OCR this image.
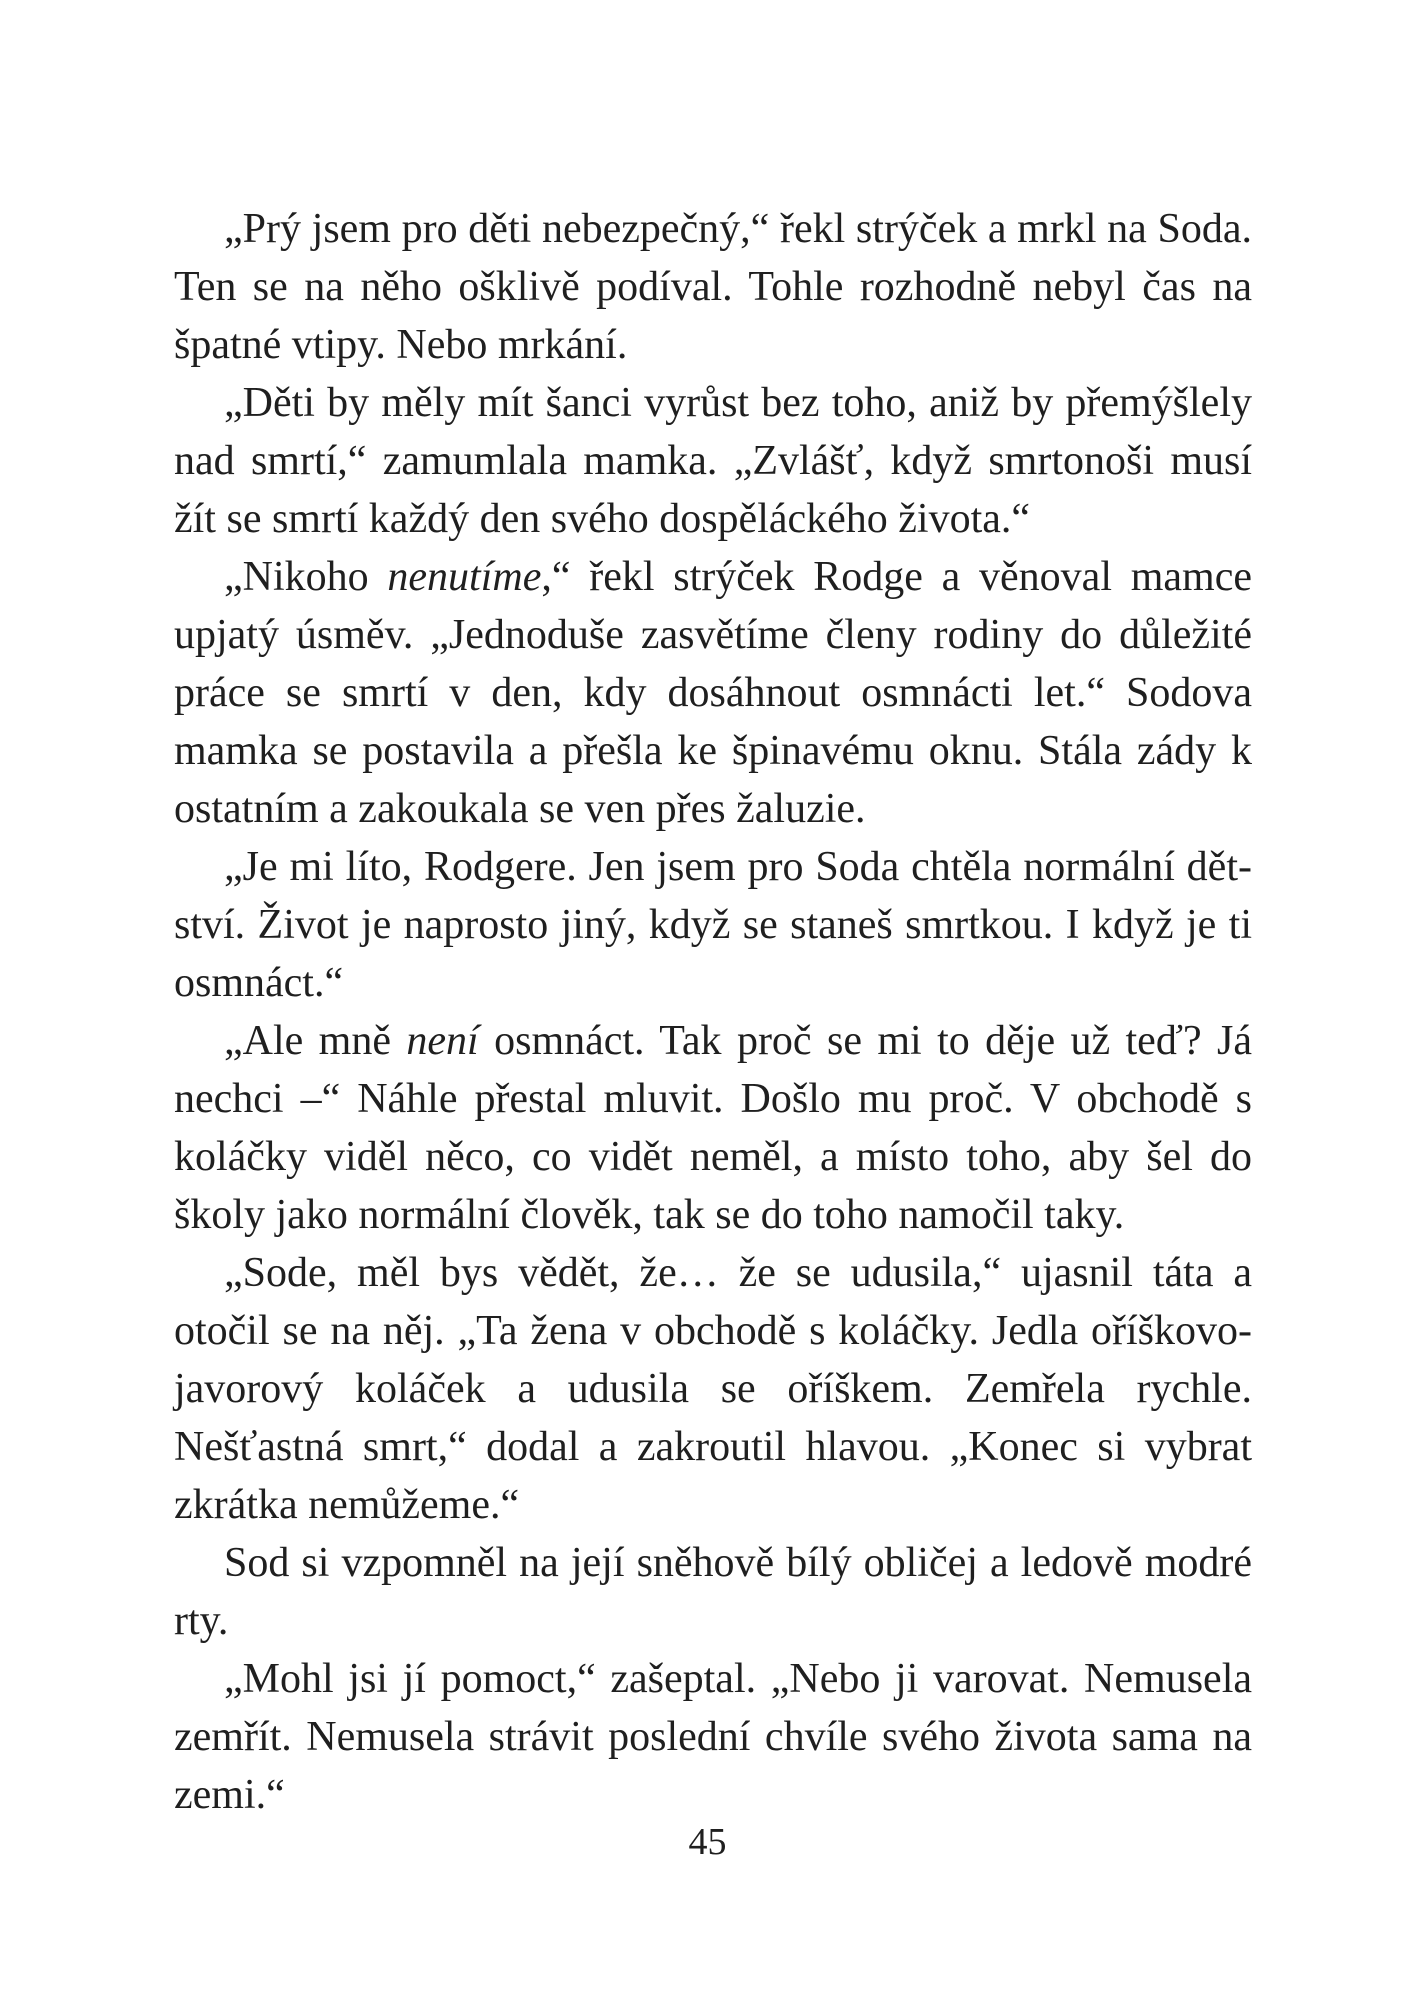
„Prý jsem pro děti nebezpečný,“ řekl strýček a mrkl na Soda. Ten se na něho ošklivě podíval. Tohle rozhodně nebyl čas na špatné vtipy. Nebo mrkání.

„Děti by měly mít šanci vyrůst bez toho, aniž by přemýšlely nad smrtí,“ zamumlala mamka. „Zvlášť, když smrtonoši musí žít se smrtí každý den svého dospěláckého života.“

„Nikoho nenutíme,“ řekl strýček Rodge a věnoval mamce upjatý úsměv. „Jednoduše zasvětíme členy rodiny do důležité práce se smrtí v den, kdy dosáhnout osmnácti let.“ Sodova mamka se postavila a přešla ke špinavému oknu. Stála zády k ostatním a zakoukala se ven přes žaluzie.

„Je mi líto, Rodgere. Jen jsem pro Soda chtěla normální dětství. Život je naprosto jiný, když se staneš smrtkou. I když je ti osmnáct.“

„Ale mně není osmnáct. Tak proč se mi to děje už teď? Já nechci –“ Náhle přestal mluvit. Došlo mu proč. V obchodě s koláčky viděl něco, co vidět neměl, a místo toho, aby šel do školy jako normální člověk, tak se do toho namočil taky.

„Sode, měl bys vědět, že… že se udusila,“ ujasnil táta a otočil se na něj. „Ta žena v obchodě s koláčky. Jedla oříškovo-javorový koláček a udusila se oříškem. Zemřela rychle. Nešťastná smrt,“ dodal a zakroutil hlavou. „Konec si vybrat zkrátka nemůžeme.“

Sod si vzpomněl na její sněhově bílý obličej a ledově modré rty.

„Mohl jsi jí pomoct,“ zašeptal. „Nebo ji varovat. Nemusela zemřít. Nemusela strávit poslední chvíle svého života sama na zemi.“

45
